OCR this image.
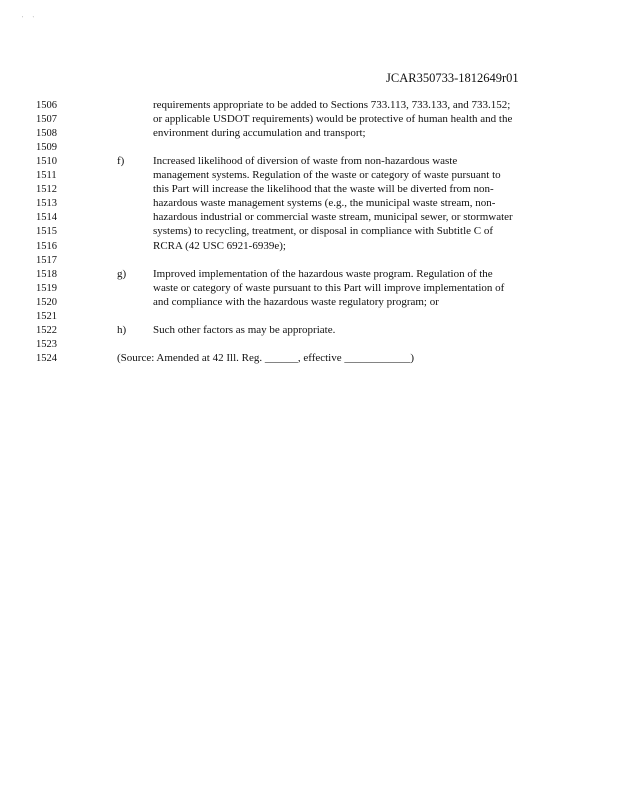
' '
JCAR350733-1812649r01
1506	requirements appropriate to be added to Sections 733.113, 733.133, and 733.152;
1507	or applicable USDOT requirements) would be protective of human health and the
1508	environment during accumulation and transport;
1509
1510	f)	Increased likelihood of diversion of waste from non-hazardous waste
1511	management systems. Regulation of the waste or category of waste pursuant to
1512	this Part will increase the likelihood that the waste will be diverted from non-
1513	hazardous waste management systems (e.g., the municipal waste stream, non-
1514	hazardous industrial or commercial waste stream, municipal sewer, or stormwater
1515	systems) to recycling, treatment, or disposal in compliance with Subtitle C of
1516	RCRA (42 USC 6921-6939e);
1517
1518	g) Improved implementation of the hazardous waste program. Regulation of the
1519	waste or category of waste pursuant to this Part will improve implementation of
1520	and compliance with the hazardous waste regulatory program; or
1521
1522	h) Such other factors as may be appropriate.
1523
1524	(Source: Amended at 42 Ill. Reg. ______, effective ____________)
